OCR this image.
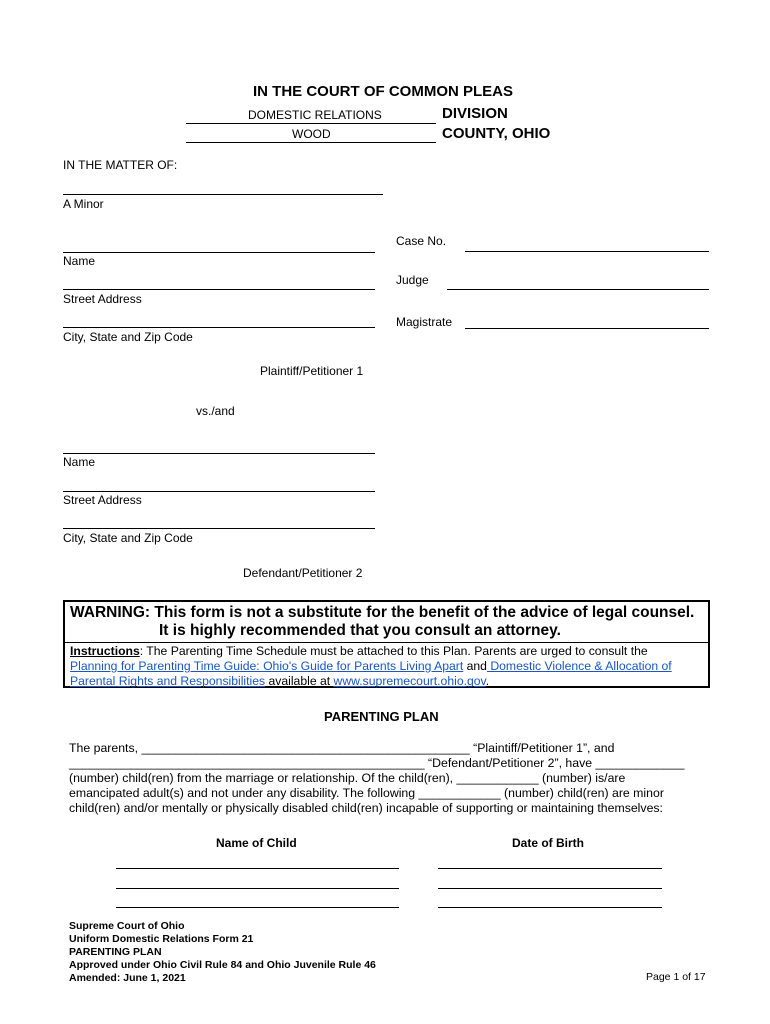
IN THE COURT OF COMMON PLEAS
DOMESTIC RELATIONS	DIVISION
WOOD	COUNTY, OHIO
IN THE MATTER OF:
A Minor
Name
Street Address
City, State and Zip Code
Plaintiff/Petitioner 1
Case No.
Judge
Magistrate
vs./and
Name
Street Address
City, State and Zip Code
Defendant/Petitioner 2
WARNING: This form is not a substitute for the benefit of the advice of legal counsel.
It is highly recommended that you consult an attorney.
Instructions: The Parenting Time Schedule must be attached to this Plan. Parents are urged to consult the
Planning for Parenting Time Guide: Ohio's Guide for Parents Living Apart and Domestic Violence & Allocation of
Parental Rights and Responsibilities available at www.supremecourt.ohio.gov.
PARENTING PLAN
The parents, ________________________________________________ “Plaintiff/Petitioner 1”, and
____________________________________________________ “Defendant/Petitioner 2”, have _____________
(number) child(ren) from the marriage or relationship. Of the child(ren), ____________ (number) is/are
emancipated adult(s) and not under any disability. The following ____________ (number) child(ren) are minor
child(ren) and/or mentally or physically disabled child(ren) incapable of supporting or maintaining themselves:
Name of Child	Date of Birth
Supreme Court of Ohio
Uniform Domestic Relations Form 21
PARENTING PLAN
Approved under Ohio Civil Rule 84 and Ohio Juvenile Rule 46
Amended: June 1, 2021	Page 1 of 17
